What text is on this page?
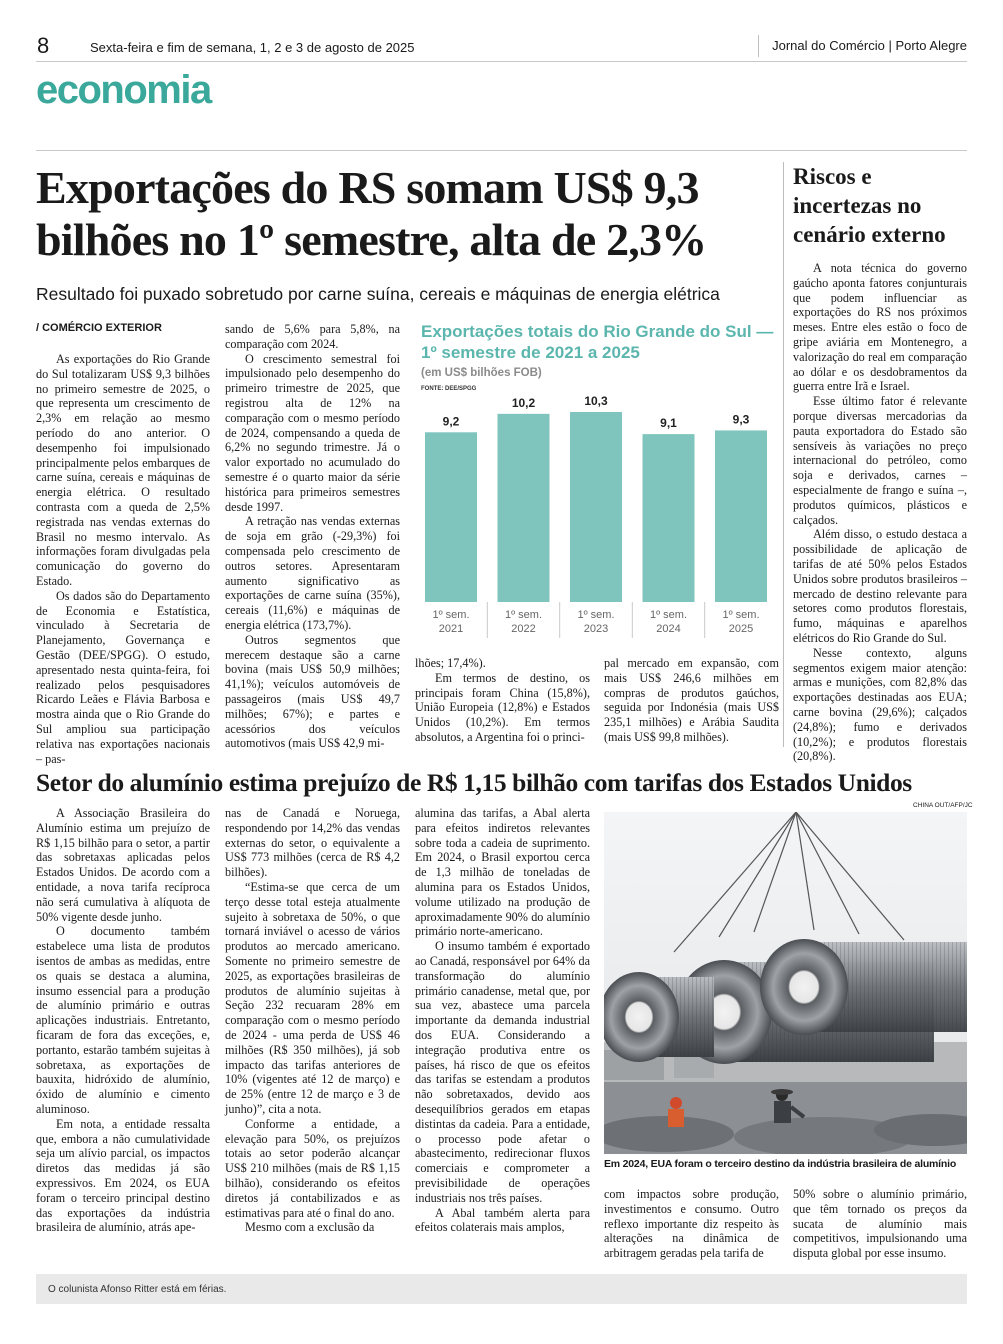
8	Sexta-feira e fim de semana, 1, 2 e 3 de agosto de 2025	Jornal do Comércio | Porto Alegre
economia
Exportações do RS somam US$ 9,3 bilhões no 1º semestre, alta de 2,3%
Resultado foi puxado sobretudo por carne suína, cereais e máquinas de energia elétrica
/ COMÉRCIO EXTERIOR

As exportações do Rio Grande do Sul totalizaram US$ 9,3 bilhões no primeiro semestre de 2025, o que representa um crescimento de 2,3% em relação ao mesmo período do ano anterior. O desempenho foi impulsionado principalmente pelos embarques de carne suína, cereais e máquinas de energia elétrica. O resultado contrasta com a queda de 2,5% registrada nas vendas externas do Brasil no mesmo intervalo. As informações foram divulgadas pela comunicação do governo do Estado.

Os dados são do Departamento de Economia e Estatística, vinculado à Secretaria de Planejamento, Governança e Gestão (DEE/SPGG). O estudo, apresentado nesta quinta-feira, foi realizado pelos pesquisadores Ricardo Leães e Flávia Barbosa e mostra ainda que o Rio Grande do Sul ampliou sua participação relativa nas exportações nacionais – pas-

sando de 5,6% para 5,8%, na comparação com 2024.

O crescimento semestral foi impulsionado pelo desempenho do primeiro trimestre de 2025, que registrou alta de 12% na comparação com o mesmo período de 2024, compensando a queda de 6,2% no segundo trimestre. Já o valor exportado no acumulado do semestre é o quarto maior da série histórica para primeiros semestres desde 1997.

A retração nas vendas externas de soja em grão (-29,3%) foi compensada pelo crescimento de outros setores. Apresentaram aumento significativo as exportações de carne suína (35%), cereais (11,6%) e máquinas de energia elétrica (173,7%).

Outros segmentos que merecem destaque são a carne bovina (mais US$ 50,9 milhões; 41,1%); veículos automóveis de passageiros (mais US$ 49,7 milhões; 67%); e partes e acessórios dos veículos automotivos (mais US$ 42,9 mi-

lhões; 17,4%).

Em termos de destino, os principais foram China (15,8%), União Europeia (12,8%) e Estados Unidos (10,2%). Em termos absolutos, a Argentina foi o princi-

pal mercado em expansão, com mais US$ 246,6 milhões em compras de produtos gaúchos, seguida por Indonésia (mais US$ 235,1 milhões) e Arábia Saudita (mais US$ 99,8 milhões).

Exportações totais do Rio Grande do Sul — 1º semestre de 2021 a 2025
(em US$ bilhões FOB)
FONTE: DEE/SPGG
9,2
1º sem.
2021
10,2
1º sem.
2022
10,3
1º sem.
2023
9,1
1º sem.
2024
9,3
1º sem.
2025
Riscos e incertezas no cenário externo

A nota técnica do governo gaúcho aponta fatores conjunturais que podem influenciar as exportações do RS nos próximos meses. Entre eles estão o foco de gripe aviária em Montenegro, a valorização do real em comparação ao dólar e os desdobramentos da guerra entre Irã e Israel.

Esse último fator é relevante porque diversas mercadorias da pauta exportadora do Estado são sensíveis às variações no preço internacional do petróleo, como soja e derivados, carnes – especialmente de frango e suína –, produtos químicos, plásticos e calçados.

Além disso, o estudo destaca a possibilidade de aplicação de tarifas de até 50% pelos Estados Unidos sobre produtos brasileiros – mercado de destino relevante para setores como produtos florestais, fumo, máquinas e aparelhos elétricos do Rio Grande do Sul.

Nesse contexto, alguns segmentos exigem maior atenção: armas e munições, com 82,8% das exportações destinadas aos EUA; carne bovina (29,6%); calçados (24,8%); fumo e derivados (10,2%); e produtos florestais (20,8%).

Setor do alumínio estima prejuízo de R$ 1,15 bilhão com tarifas dos Estados Unidos

A Associação Brasileira do Alumínio estima um prejuízo de R$ 1,15 bilhão para o setor, a partir das sobretaxas aplicadas pelos Estados Unidos. De acordo com a entidade, a nova tarifa recíproca não será cumulativa à alíquota de 50% vigente desde junho.

O documento também estabelece uma lista de produtos isentos de ambas as medidas, entre os quais se destaca a alumina, insumo essencial para a produção de alumínio primário e outras aplicações industriais. Entretanto, ficaram de fora das exceções, e, portanto, estarão também sujeitas à sobretaxa, as exportações de bauxita, hidróxido de alumínio, óxido de alumínio e cimento aluminoso.

Em nota, a entidade ressalta que, embora a não cumulatividade seja um alívio parcial, os impactos diretos das medidas já são expressivos. Em 2024, os EUA foram o terceiro principal destino das exportações da indústria brasileira de alumínio, atrás ape-

nas de Canadá e Noruega, respondendo por 14,2% das vendas externas do setor, o equivalente a US$ 773 milhões (cerca de R$ 4,2 bilhões).

“Estima-se que cerca de um terço desse total esteja atualmente sujeito à sobretaxa de 50%, o que tornará inviável o acesso de vários produtos ao mercado americano. Somente no primeiro semestre de 2025, as exportações brasileiras de produtos de alumínio sujeitas à Seção 232 recuaram 28% em comparação com o mesmo período de 2024 - uma perda de US$ 46 milhões (R$ 350 milhões), já sob impacto das tarifas anteriores de 10% (vigentes até 12 de março) e de 25% (entre 12 de março e 3 de junho)”, cita a nota.

Conforme a entidade, a elevação para 50%, os prejuízos totais ao setor poderão alcançar US$ 210 milhões (mais de R$ 1,15 bilhão), considerando os efeitos diretos já contabilizados e as estimativas para até o final do ano.

Mesmo com a exclusão da

alumina das tarifas, a Abal alerta para efeitos indiretos relevantes sobre toda a cadeia de suprimento. Em 2024, o Brasil exportou cerca de 1,3 milhão de toneladas de alumina para os Estados Unidos, volume utilizado na produção de aproximadamente 90% do alumínio primário norte-americano.

O insumo também é exportado ao Canadá, responsável por 64% da transformação do alumínio primário canadense, metal que, por sua vez, abastece uma parcela importante da demanda industrial dos EUA. Considerando a integração produtiva entre os países, há risco de que os efeitos das tarifas se estendam a produtos não sobretaxados, devido aos desequilíbrios gerados em etapas distintas da cadeia. Para a entidade, o processo pode afetar o abastecimento, redirecionar fluxos comerciais e comprometer a previsibilidade de operações industriais nos três países.

A Abal também alerta para efeitos colaterais mais amplos,

com impactos sobre produção, investimentos e consumo. Outro reflexo importante diz respeito às alterações na dinâmica de arbitragem geradas pela tarifa de

50% sobre o alumínio primário, que têm tornado os preços da sucata de alumínio mais competitivos, impulsionando uma disputa global por esse insumo.

CHINA OUT/AFP/JC
Em 2024, EUA foram o terceiro destino da indústria brasileira de alumínio
O colunista Afonso Ritter está em férias.
